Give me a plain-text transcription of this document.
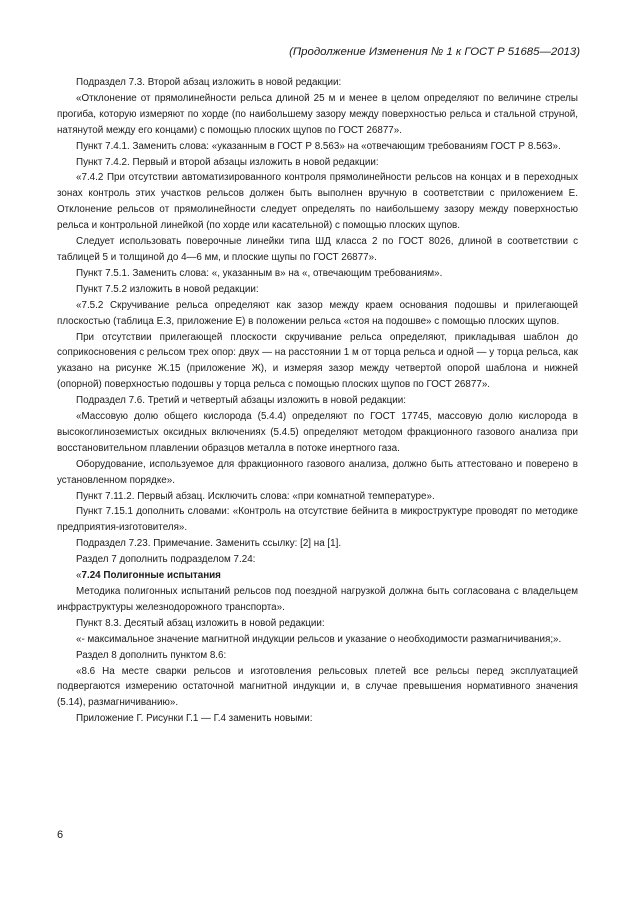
(Продолжение Изменения № 1 к ГОСТ Р 51685—2013)

Подраздел 7.3. Второй абзац изложить в новой редакции:

«Отклонение от прямолинейности рельса длиной 25 м и менее в целом определяют по величине стрелы прогиба, которую измеряют по хорде (по наибольшему зазору между поверхностью рельса и стальной струной, натянутой между его концами) с помощью плоских щупов по ГОСТ 26877».

Пункт 7.4.1. Заменить слова: «указанным в ГОСТ Р 8.563» на «отвечающим требованиям ГОСТ Р 8.563».

Пункт 7.4.2. Первый и второй абзацы изложить в новой редакции:

«7.4.2 При отсутствии автоматизированного контроля прямолинейности рельсов на концах и в переходных зонах контроль этих участков рельсов должен быть выполнен вручную в соответствии с приложением Е. Отклонение рельсов от прямолинейности следует определять по наибольшему зазору между поверхностью рельса и контрольной линейкой (по хорде или касательной) с помощью плоских щупов.

Следует использовать поверочные линейки типа ШД класса 2 по ГОСТ 8026, длиной в соответствии с таблицей 5 и толщиной до 4—6 мм, и плоские щупы по ГОСТ 26877».

Пункт 7.5.1. Заменить слова: «, указанным в» на «, отвечающим требованиям».

Пункт 7.5.2 изложить в новой редакции:

«7.5.2 Скручивание рельса определяют как зазор между краем основания подошвы и прилегающей плоскостью (таблица Е.3, приложение Е) в положении рельса «стоя на подошве» с помощью плоских щупов.

При отсутствии прилегающей плоскости скручивание рельса определяют, прикладывая шаблон до соприкосновения с рельсом трех опор: двух — на расстоянии 1 м от торца рельса и одной — у торца рельса, как указано на рисунке Ж.15 (приложение Ж), и измеряя зазор между четвертой опорой шаблона и нижней (опорной) поверхностью подошвы у торца рельса с помощью плоских щупов по ГОСТ 26877».

Подраздел 7.6. Третий и четвертый абзацы изложить в новой редакции:

«Массовую долю общего кислорода (5.4.4) определяют по ГОСТ 17745, массовую долю кислорода в высокоглиноземистых оксидных включениях (5.4.5) определяют методом фракционного газового анализа при восстановительном плавлении образцов металла в потоке инертного газа.

Оборудование, используемое для фракционного газового анализа, должно быть аттестовано и поверено в установленном порядке».

Пункт 7.11.2. Первый абзац. Исключить слова: «при комнатной температуре».

Пункт 7.15.1 дополнить словами: «Контроль на отсутствие бейнита в микроструктуре проводят по методике предприятия-изготовителя».

Подраздел 7.23. Примечание. Заменить ссылку: [2] на [1].

Раздел 7 дополнить подразделом 7.24:

«7.24 Полигонные испытания

Методика полигонных испытаний рельсов под поездной нагрузкой должна быть согласована с владельцем инфраструктуры железнодорожного транспорта».

Пункт 8.3. Десятый абзац изложить в новой редакции:

«- максимальное значение магнитной индукции рельсов и указание о необходимости размагничивания;».

Раздел 8 дополнить пунктом 8.6:

«8.6 На месте сварки рельсов и изготовления рельсовых плетей все рельсы перед эксплуатацией подвергаются измерению остаточной магнитной индукции и, в случае превышения нормативного значения (5.14), размагничиванию».

Приложение Г. Рисунки Г.1 — Г.4 заменить новыми:

6
